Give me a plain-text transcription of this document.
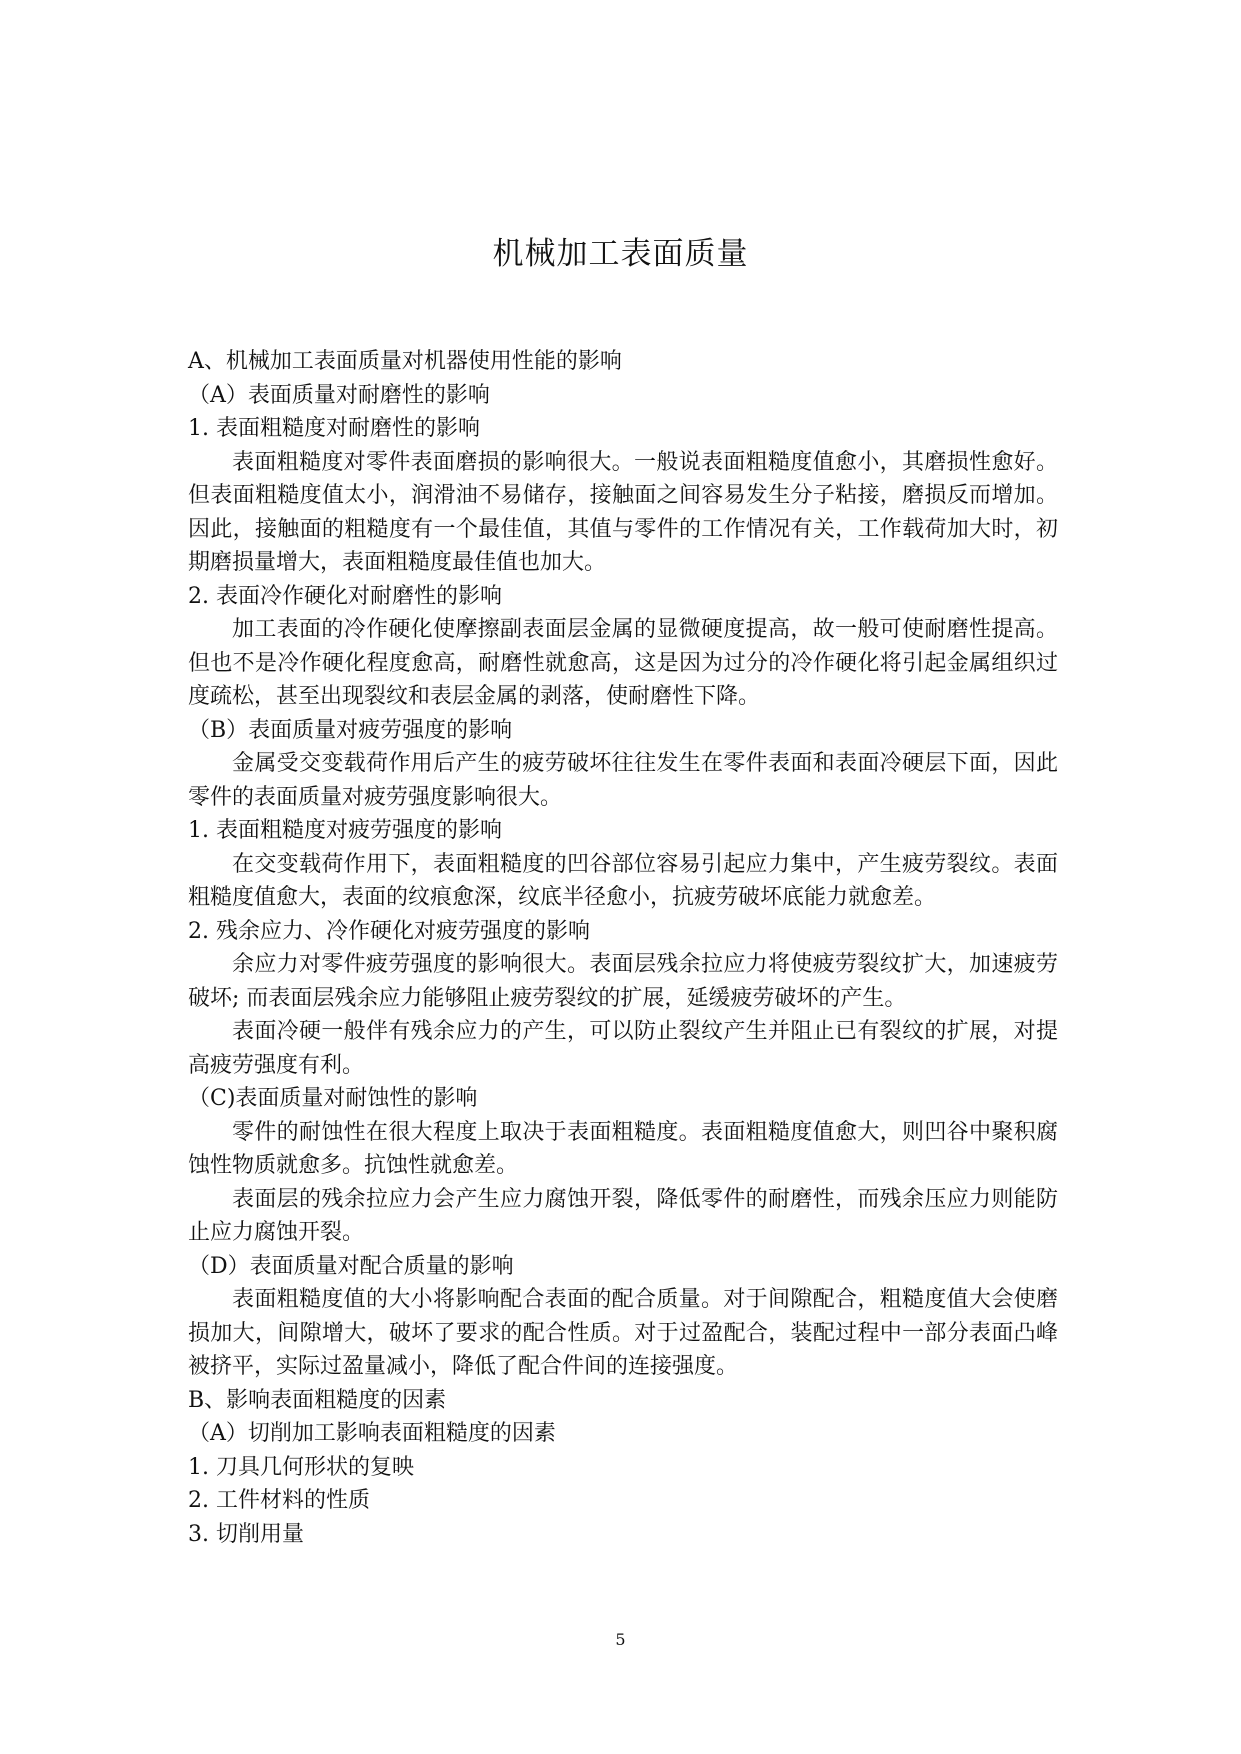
机械加工表面质量
A、机械加工表面质量对机器使用性能的影响
（A）表面质量对耐磨性的影响
1. 表面粗糙度对耐磨性的影响

表面粗糙度对零件表面磨损的影响很大。一般说表面粗糙度值愈小，其磨损性愈好。但表面粗糙度值太小，润滑油不易储存，接触面之间容易发生分子粘接，磨损反而增加。因此，接触面的粗糙度有一个最佳值，其值与零件的工作情况有关，工作载荷加大时，初期磨损量增大，表面粗糙度最佳值也加大。

2. 表面冷作硬化对耐磨性的影响

加工表面的冷作硬化使摩擦副表面层金属的显微硬度提高，故一般可使耐磨性提高。但也不是冷作硬化程度愈高，耐磨性就愈高，这是因为过分的冷作硬化将引起金属组织过度疏松，甚至出现裂纹和表层金属的剥落，使耐磨性下降。

（B）表面质量对疲劳强度的影响

金属受交变载荷作用后产生的疲劳破坏往往发生在零件表面和表面冷硬层下面，因此零件的表面质量对疲劳强度影响很大。

1. 表面粗糙度对疲劳强度的影响

在交变载荷作用下，表面粗糙度的凹谷部位容易引起应力集中，产生疲劳裂纹。表面粗糙度值愈大，表面的纹痕愈深，纹底半径愈小，抗疲劳破坏底能力就愈差。

2. 残余应力、冷作硬化对疲劳强度的影响

余应力对零件疲劳强度的影响很大。表面层残余拉应力将使疲劳裂纹扩大，加速疲劳破坏; 而表面层残余应力能够阻止疲劳裂纹的扩展，延缓疲劳破坏的产生。

表面冷硬一般伴有残余应力的产生，可以防止裂纹产生并阻止已有裂纹的扩展，对提高疲劳强度有利。

（C)表面质量对耐蚀性的影响

零件的耐蚀性在很大程度上取决于表面粗糙度。表面粗糙度值愈大，则凹谷中聚积腐蚀性物质就愈多。抗蚀性就愈差。

表面层的残余拉应力会产生应力腐蚀开裂，降低零件的耐磨性，而残余压应力则能防止应力腐蚀开裂。

（D）表面质量对配合质量的影响

表面粗糙度值的大小将影响配合表面的配合质量。对于间隙配合，粗糙度值大会使磨损加大，间隙增大，破坏了要求的配合性质。对于过盈配合，装配过程中一部分表面凸峰被挤平，实际过盈量减小，降低了配合件间的连接强度。

B、影响表面粗糙度的因素
（A）切削加工影响表面粗糙度的因素
1. 刀具几何形状的复映
2. 工件材料的性质
3. 切削用量
5
